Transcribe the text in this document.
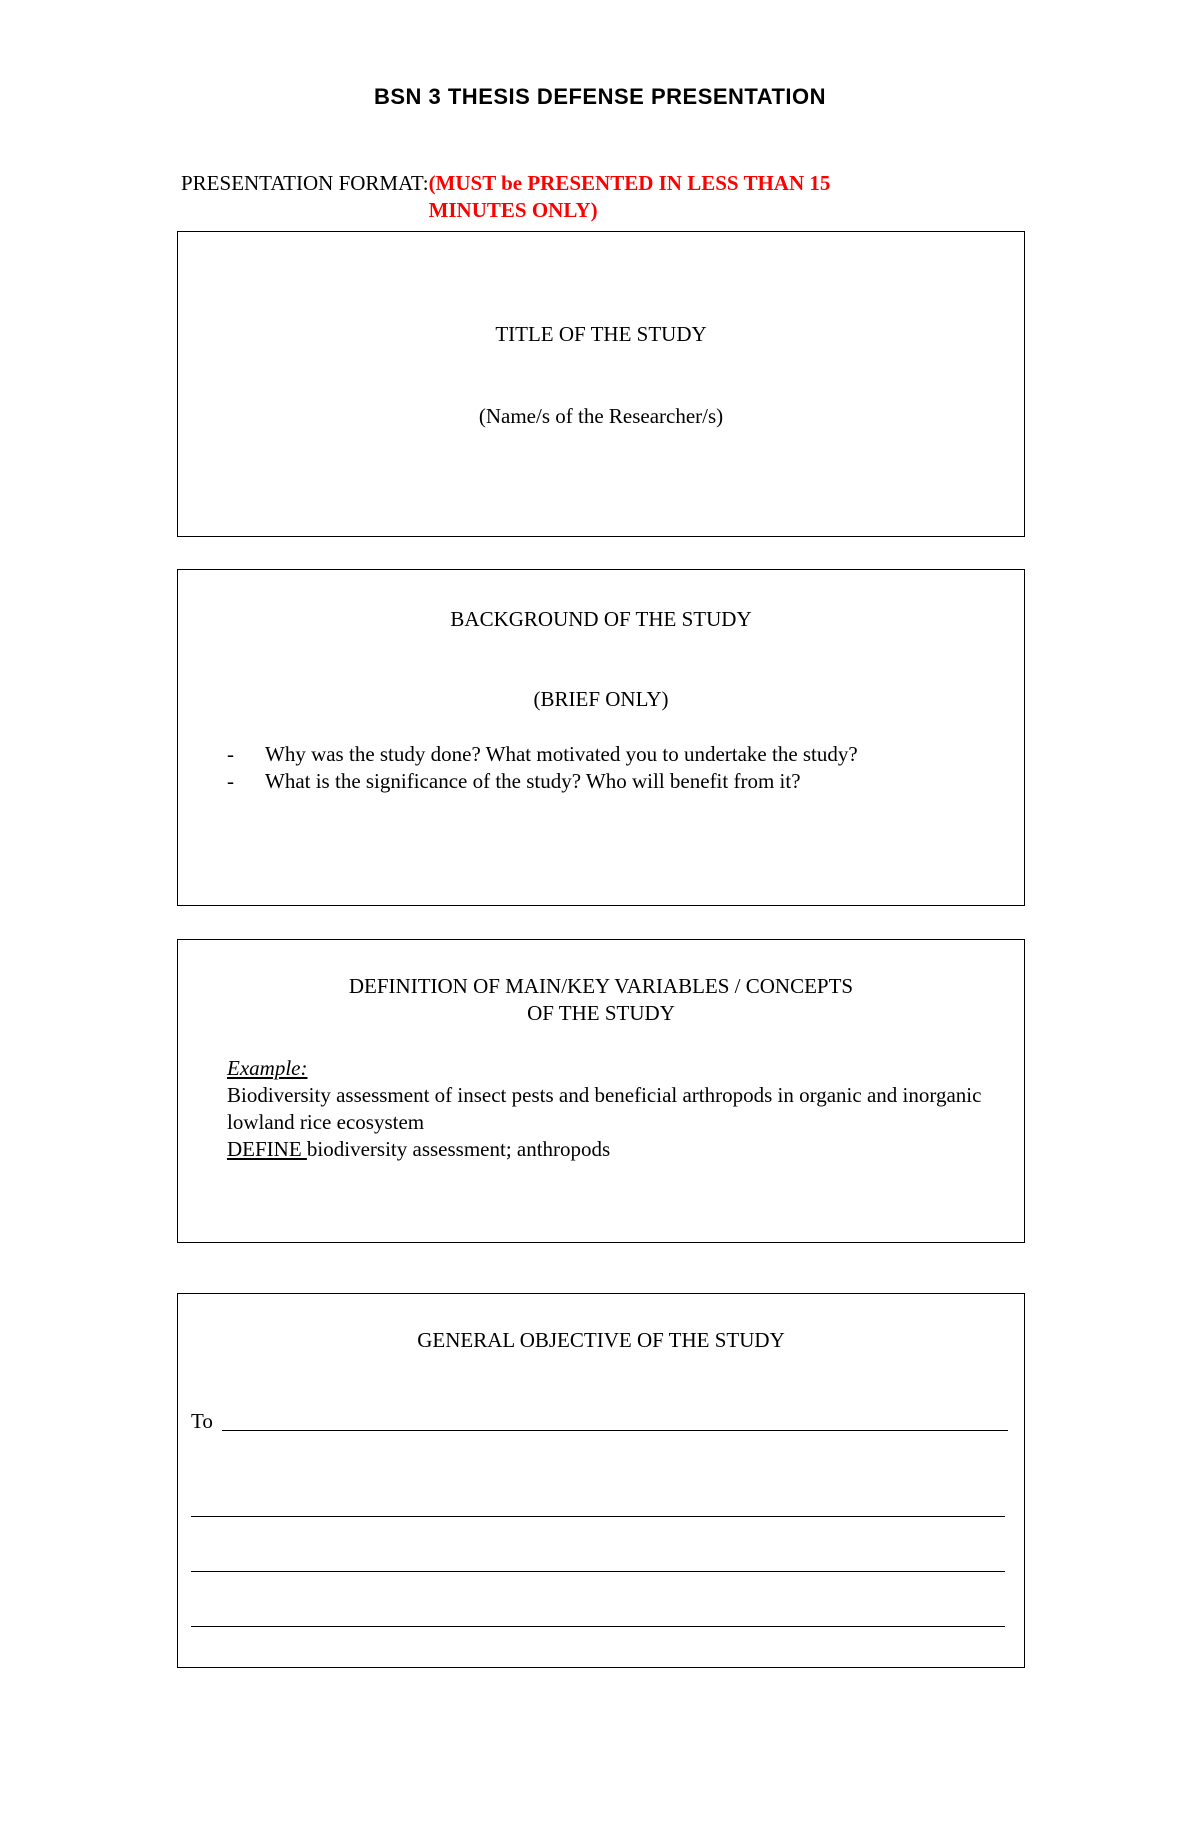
BSN 3 THESIS DEFENSE PRESENTATION
PRESENTATION FORMAT:(MUST be PRESENTED IN LESS THAN 15 MINUTES ONLY)
TITLE OF THE STUDY
(Name/s of the Researcher/s)
BACKGROUND OF THE STUDY
(BRIEF ONLY)
- Why was the study done? What motivated you to undertake the study?
- What is the significance of the study? Who will benefit from it?
DEFINITION OF MAIN/KEY VARIABLES / CONCEPTS
OF THE STUDY
Example:
Biodiversity assessment of insect pests and beneficial arthropods in organic and inorganic lowland rice ecosystem
DEFINE biodiversity assessment; anthropods
GENERAL OBJECTIVE OF THE STUDY
To
